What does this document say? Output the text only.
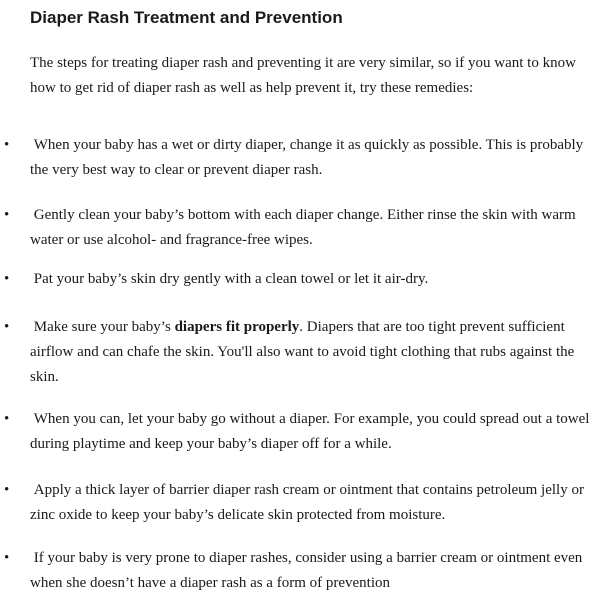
Diaper Rash Treatment and Prevention

The steps for treating diaper rash and preventing it are very similar, so if you want to know how to get rid of diaper rash as well as help prevent it, try these remedies:

• When your baby has a wet or dirty diaper, change it as quickly as possible. This is probably the very best way to clear or prevent diaper rash.

• Gently clean your baby’s bottom with each diaper change. Either rinse the skin with warm water or use alcohol- and fragrance-free wipes.

• Pat your baby’s skin dry gently with a clean towel or let it air-dry.

• Make sure your baby’s diapers fit properly. Diapers that are too tight prevent sufficient airflow and can chafe the skin. You'll also want to avoid tight clothing that rubs against the skin.

• When you can, let your baby go without a diaper. For example, you could spread out a towel during playtime and keep your baby’s diaper off for a while.

• Apply a thick layer of barrier diaper rash cream or ointment that contains petroleum jelly or zinc oxide to keep your baby’s delicate skin protected from moisture.

• If your baby is very prone to diaper rashes, consider using a barrier cream or ointment even when she doesn’t have a diaper rash as a form of prevention
